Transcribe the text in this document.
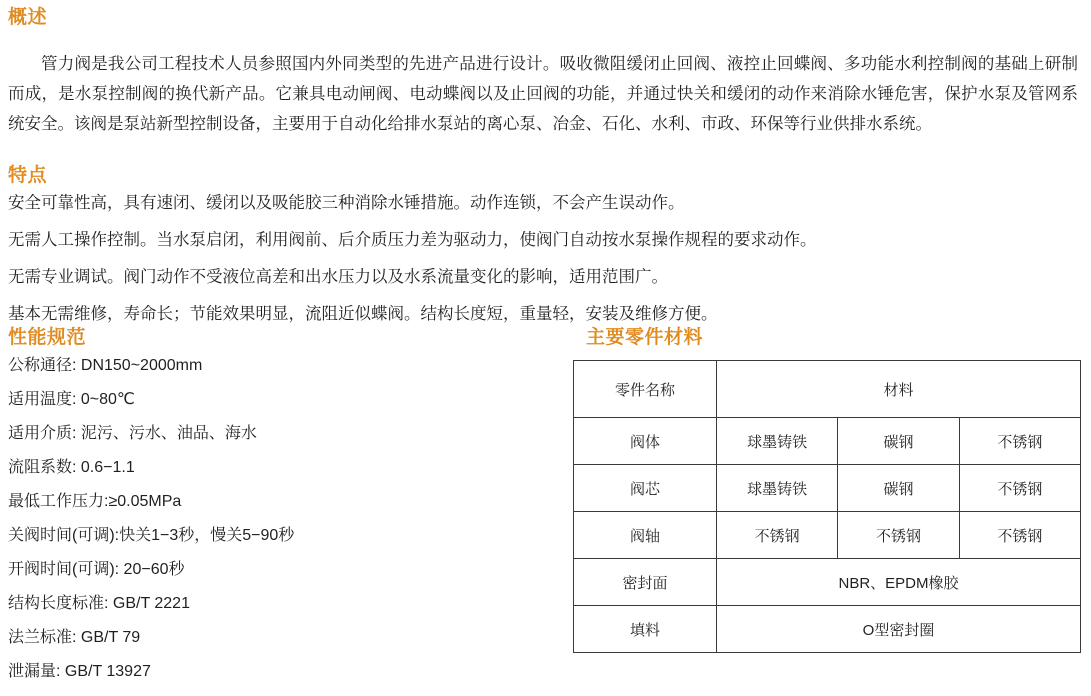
概述

管力阀是我公司工程技术人员参照国内外同类型的先进产品进行设计。吸收微阻缓闭止回阀、液控止回蝶阀、多功能水利控制阀的基础上研制而成，是水泵控制阀的换代新产品。它兼具电动闸阀、电动蝶阀以及止回阀的功能，并通过快关和缓闭的动作来消除水锤危害，保护水泵及管网系统安全。该阀是泵站新型控制设备，主要用于自动化给排水泵站的离心泵、冶金、石化、水利、市政、环保等行业供排水系统。

特点
安全可靠性高，具有速闭、缓闭以及吸能胶三种消除水锤措施。动作连锁，不会产生误动作。
无需人工操作控制。当水泵启闭，利用阀前、后介质压力差为驱动力，使阀门自动按水泵操作规程的要求动作。
无需专业调试。阀门动作不受液位高差和出水压力以及水系流量变化的影响，适用范围广。
基本无需维修，寿命长；节能效果明显，流阻近似蝶阀。结构长度短，重量轻，安装及维修方便。
性能规范
公称通径: DN150~2000mm
适用温度: 0~80℃
适用介质: 泥污、污水、油品、海水
流阻系数: 0.6−1.1
最低工作压力:≥0.05MPa
关阀时间(可调):快关1−3秒，慢关5−90秒
开阀时间(可调): 20−60秒
结构长度标准: GB/T 2221
法兰标准: GB/T 79
泄漏量: GB/T 13927
主要零件材料
零件名称	材料		
阀体	球墨铸铁	碳钢	不锈钢
阀芯	球墨铸铁	碳钢	不锈钢
阀轴	不锈钢	不锈钢	不锈钢
密封面	NBR、EPDM橡胶		
填料	O型密封圈		
